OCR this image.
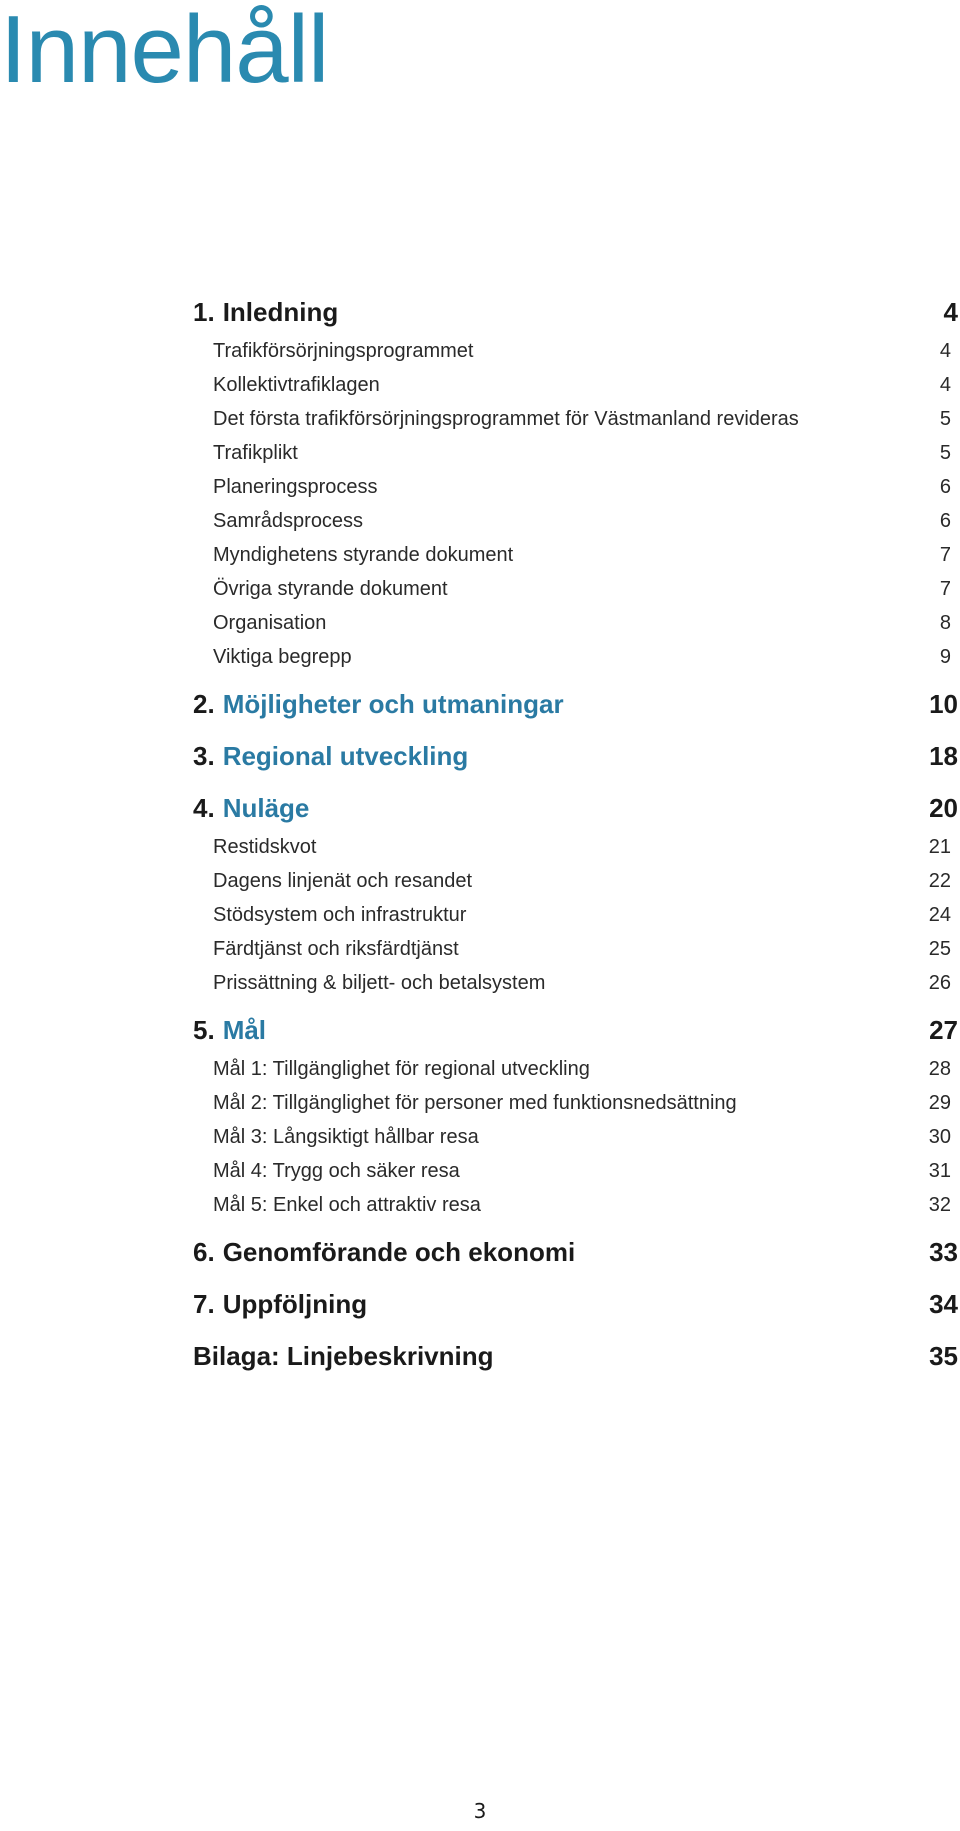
Innehåll
1. Inledning	4
Trafikförsörjningsprogrammet	4
Kollektivtrafiklagen	4
Det första trafikförsörjningsprogrammet för Västmanland revideras	5
Trafikplikt	5
Planeringsprocess	6
Samrådsprocess	6
Myndighetens styrande dokument	7
Övriga styrande dokument	7
Organisation	8
Viktiga begrepp	9
2. Möjligheter och utmaningar	10
3. Regional utveckling	18
4. Nuläge	20
Restidskvot	21
Dagens linjenät och resandet	22
Stödsystem och infrastruktur	24
Färdtjänst och riksfärdtjänst	25
Prissättning & biljett- och betalsystem	26
5. Mål	27
Mål 1: Tillgänglighet för regional utveckling	28
Mål 2: Tillgänglighet för personer med funktionsnedsättning	29
Mål 3: Långsiktigt hållbar resa	30
Mål 4: Trygg och säker resa	31
Mål 5: Enkel och attraktiv resa	32
6. Genomförande och ekonomi	33
7. Uppföljning	34
Bilaga: Linjebeskrivning	35
3
